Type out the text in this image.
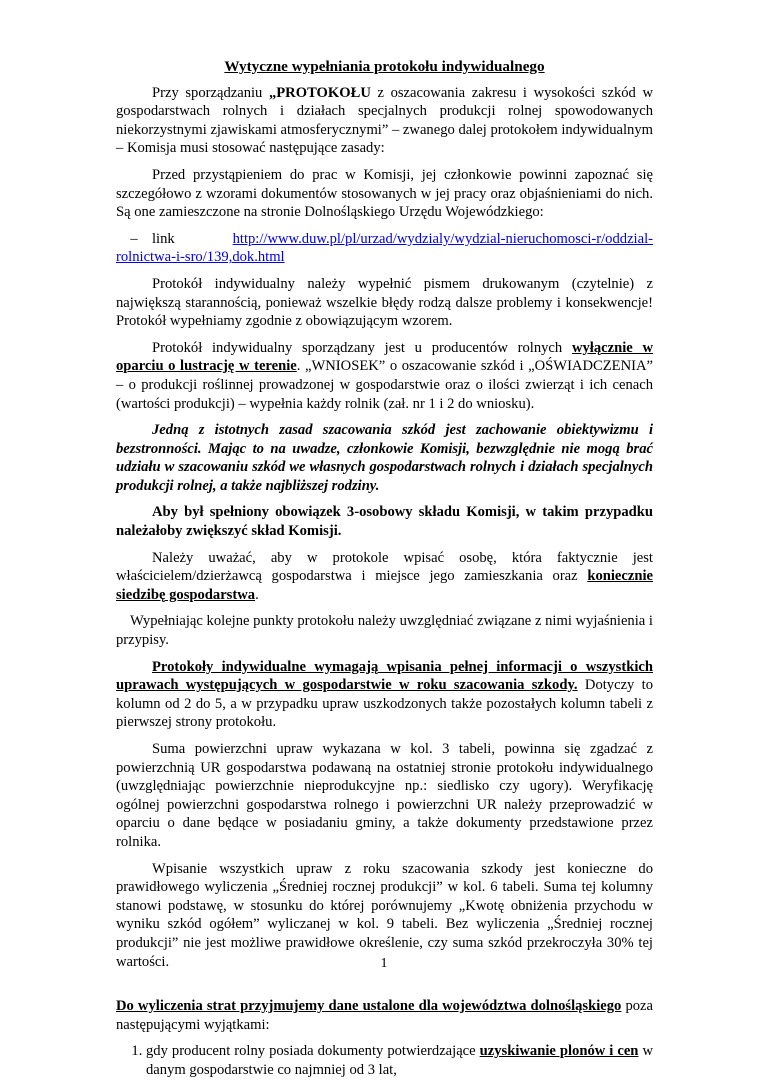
Wytyczne wypełniania protokołu indywidualnego

Przy sporządzaniu „PROTOKOŁU z oszacowania zakresu i wysokości szkód w gospodarstwach rolnych i działach specjalnych produkcji rolnej spowodowanych niekorzystnymi zjawiskami atmosferycznymi” – zwanego dalej protokołem indywidualnym – Komisja musi stosować następujące zasady:

Przed przystąpieniem do prac w Komisji, jej członkowie powinni zapoznać się szczegółowo z wzorami dokumentów stosowanych w jej pracy oraz objaśnieniami do nich. Są one zamieszczone na stronie Dolnośląskiego Urzędu Wojewódzkiego:

– link	http://www.duw.pl/pl/urzad/wydzialy/wydzial-nieruchomosci-r/oddzial-rolnictwa-i-sro/139,dok.html

Protokół indywidualny należy wypełnić pismem drukowanym (czytelnie) z największą starannością, ponieważ wszelkie błędy rodzą dalsze problemy i konsekwencje! Protokół wypełniamy zgodnie z obowiązującym wzorem.

Protokół indywidualny sporządzany jest u producentów rolnych wyłącznie w oparciu o lustrację w terenie. „WNIOSEK” o oszacowanie szkód i „OŚWIADCZENIA” – o produkcji roślinnej prowadzonej w gospodarstwie oraz o ilości zwierząt i ich cenach (wartości produkcji) – wypełnia każdy rolnik (zał. nr 1 i 2 do wniosku).

Jedną z istotnych zasad szacowania szkód jest zachowanie obiektywizmu i bezstronności. Mając to na uwadze, członkowie Komisji, bezwzględnie nie mogą brać udziału w szacowaniu szkód we własnych gospodarstwach rolnych i działach specjalnych produkcji rolnej, a także najbliższej rodziny.

Aby był spełniony obowiązek 3-osobowy składu Komisji, w takim przypadku należałoby zwiększyć skład Komisji.

Należy uważać, aby w protokole wpisać osobę, która faktycznie jest właścicielem/dzierżawcą gospodarstwa i miejsce jego zamieszkania oraz koniecznie siedzibę gospodarstwa.

Wypełniając kolejne punkty protokołu należy uwzględniać związane z nimi wyjaśnienia i przypisy.

Protokoły indywidualne wymagają wpisania pełnej informacji o wszystkich uprawach występujących w gospodarstwie w roku szacowania szkody. Dotyczy to kolumn od 2 do 5, a w przypadku upraw uszkodzonych także pozostałych kolumn tabeli z pierwszej strony protokołu.

Suma powierzchni upraw wykazana w kol. 3 tabeli, powinna się zgadzać z powierzchnią UR gospodarstwa podawaną na ostatniej stronie protokołu indywidualnego (uwzględniając powierzchnie nieprodukcyjne np.: siedlisko czy ugory). Weryfikację ogólnej powierzchni gospodarstwa rolnego i powierzchni UR należy przeprowadzić w oparciu o dane będące w posiadaniu gminy, a także dokumenty przedstawione przez rolnika.

Wpisanie wszystkich upraw z roku szacowania szkody jest konieczne do prawidłowego wyliczenia „Średniej rocznej produkcji” w kol. 6 tabeli. Suma tej kolumny stanowi podstawę, w stosunku do której porównujemy „Kwotę obniżenia przychodu w wyniku szkód ogółem” wyliczanej w kol. 9 tabeli. Bez wyliczenia „Średniej rocznej produkcji” nie jest możliwe prawidłowe określenie, czy suma szkód przekroczyła 30% tej wartości.

Do wyliczenia strat przyjmujemy dane ustalone dla województwa dolnośląskiego poza następującymi wyjątkami:

1. gdy producent rolny posiada dokumenty potwierdzające uzyskiwanie plonów i cen w danym gospodarstwie co najmniej od 3 lat,
1
